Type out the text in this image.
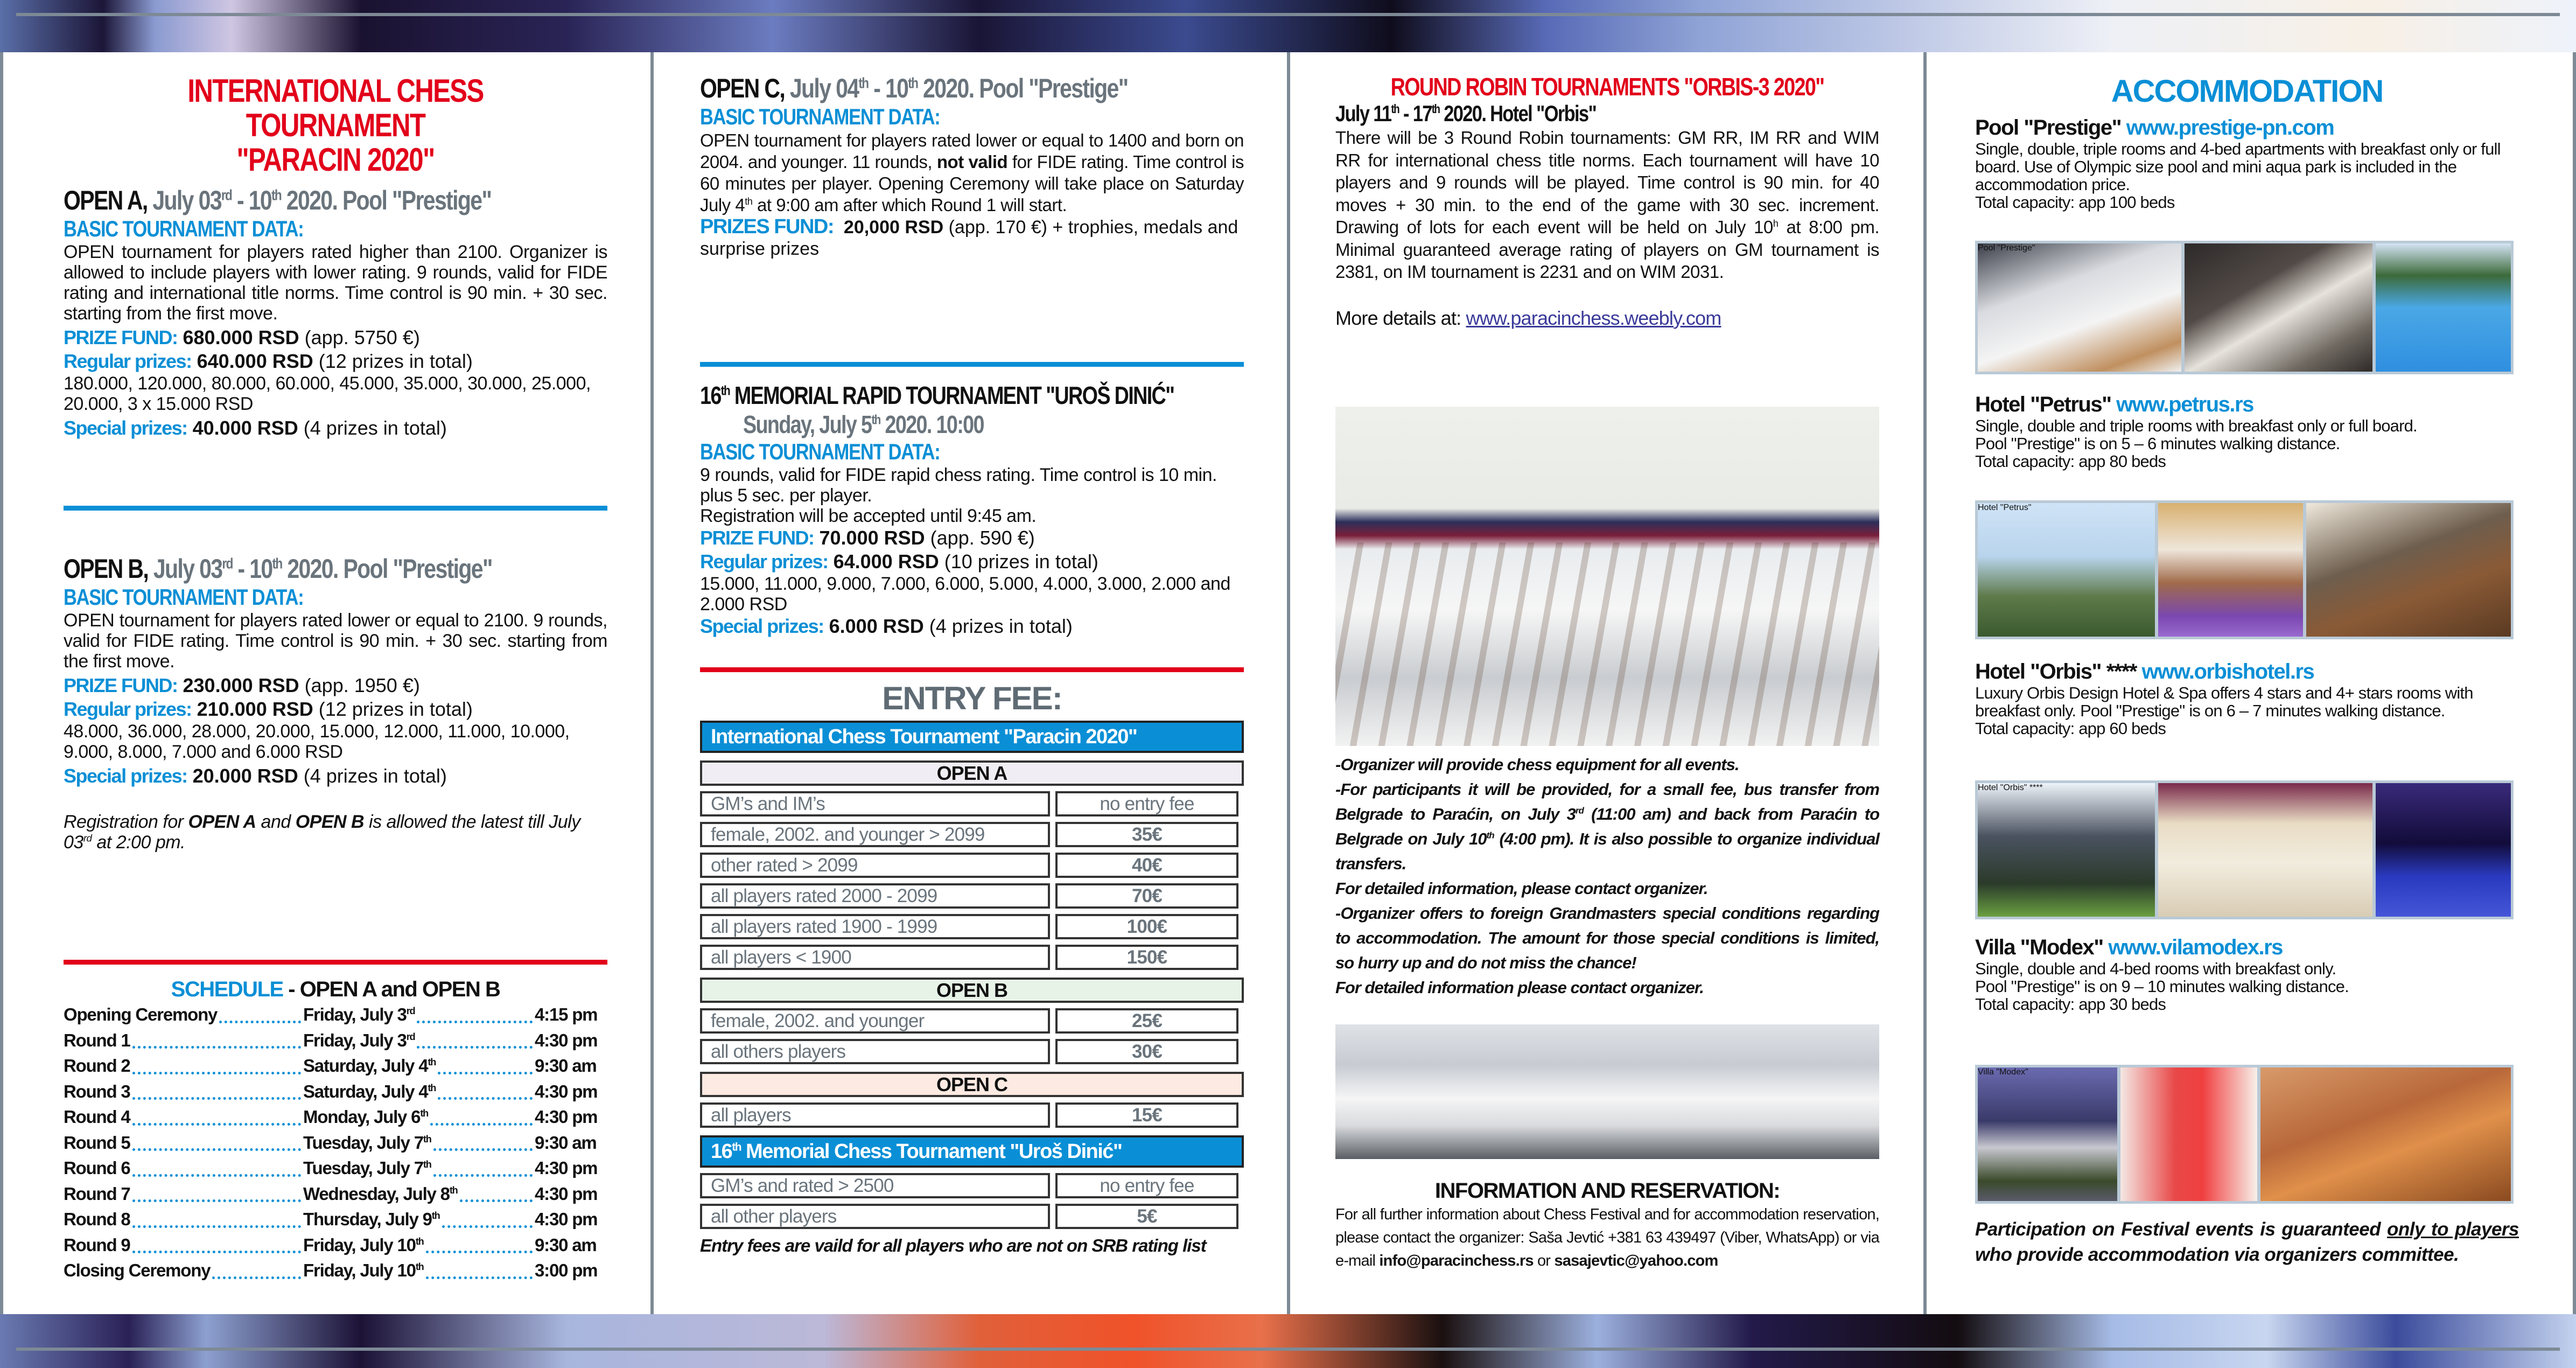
INTERNATIONAL CHESS TOURNAMENT
"PARACIN 2020"
OPEN A, July 03rd - 10th 2020. Pool "Prestige"
BASIC TOURNAMENT DATA:
OPEN tournament for players rated higher than 2100. Organizer is allowed to include players with lower rating. 9 rounds, valid for FIDE rating and international title norms. Time control is 90 min. + 30 sec. starting from the first move.
PRIZE FUND: 680.000 RSD (app. 5750 €)
Regular prizes: 640.000 RSD (12 prizes in total)
180.000, 120.000, 80.000, 60.000, 45.000, 35.000, 30.000, 25.000, 20.000, 3 x 15.000 RSD
Special prizes: 40.000 RSD (4 prizes in total)
OPEN B, July 03rd - 10th 2020. Pool "Prestige"
BASIC TOURNAMENT DATA:
OPEN tournament for players rated lower or equal to 2100. 9 rounds, valid for FIDE rating. Time control is 90 min. + 30 sec. starting from the first move.
PRIZE FUND: 230.000 RSD (app. 1950 €)
Regular prizes: 210.000 RSD (12 prizes in total)
48.000, 36.000, 28.000, 20.000, 15.000, 12.000, 11.000, 10.000, 9.000, 8.000, 7.000 and 6.000 RSD
Special prizes: 20.000 RSD (4 prizes in total)
Registration for OPEN A and OPEN B is allowed the latest till July 03rd at 2:00 pm.
SCHEDULE - OPEN A and OPEN B
Opening Ceremony	Friday, July 3rd	4:15 pm
Round 1	Friday, July 3rd	4:30 pm
Round 2	Saturday, July 4th	9:30 am
Round 3	Saturday, July 4th	4:30 pm
Round 4	Monday, July 6th	4:30 pm
Round 5	Tuesday, July 7th	9:30 am
Round 6	Tuesday, July 7th	4:30 pm
Round 7	Wednesday, July 8th	4:30 pm
Round 8	Thursday, July 9th	4:30 pm
Round 9	Friday, July 10th	9:30 am
Closing Ceremony	Friday, July 10th	3:00 pm
OPEN C, July 04th - 10th 2020. Pool "Prestige"
BASIC TOURNAMENT DATA:
OPEN tournament for players rated lower or equal to 1400 and born on 2004. and younger. 11 rounds, not valid for FIDE rating. Time control is 60 minutes per player. Opening Ceremony will take place on Saturday July 4th at 9:00 am after which Round 1 will start.
PRIZES FUND: 20,000 RSD (app. 170 €) + trophies, medals and surprise prizes
16th MEMORIAL RAPID TOURNAMENT "UROŠ DINIĆ"
Sunday, July 5th 2020. 10:00
BASIC TOURNAMENT DATA:
9 rounds, valid for FIDE rapid chess rating. Time control is 10 min. plus 5 sec. per player.
Registration will be accepted until 9:45 am.
PRIZE FUND: 70.000 RSD (app. 590 €)
Regular prizes: 64.000 RSD (10 prizes in total)
15.000, 11.000, 9.000, 7.000, 6.000, 5.000, 4.000, 3.000, 2.000 and 2.000 RSD
Special prizes: 6.000 RSD (4 prizes in total)
ENTRY FEE:
International Chess Tournament "Paracin 2020"
OPEN A
GM’s and IM’s	no entry fee
female, 2002. and younger > 2099	35€
other rated > 2099	40€
all players rated 2000 - 2099	70€
all players rated 1900 - 1999	100€
all players < 1900	150€
OPEN B
female, 2002. and younger	25€
all others players	30€
OPEN C
all players	15€
16th Memorial Chess Tournament "Uroš Dinić"
GM’s and rated > 2500	no entry fee
all other players	5€
Entry fees are vaild for all players who are not on SRB rating list
ROUND ROBIN TOURNAMENTS "ORBIS-3 2020"
July 11th - 17th 2020. Hotel "Orbis"
There will be 3 Round Robin tournaments: GM RR, IM RR and WIM RR for international chess title norms. Each tournament will have 10 players and 9 rounds will be played. Time control is 90 min. for 40 moves + 30 min. to the end of the game with 30 sec. increment. Drawing of lots for each event will be held on July 10$^h$ at 8:00 pm. Minimal guaranteed average rating of players on GM tournament is 2381, on IM tournament is 2231 and on WIM 2031.
More details at: www.paracinchess.weebly.com
-Organizer will provide chess equipment for all events.
-For participants it will be provided, for a small fee, bus transfer from Belgrade to Paraćin, on July 3rd (11:00 am) and back from Paraćin to Belgrade on July 10th (4:00 pm). It is also possible to organize individual transfers.
For detailed information, please contact organizer.
-Organizer offers to foreign Grandmasters special conditions regarding to accommodation. The amount for those special conditions is limited, so hurry up and do not miss the chance!
For detailed information please contact organizer.
INFORMATION AND RESERVATION:
For all further information about Chess Festival and for accommodation reservation, please contact the organizer: Saša Jevtić +381 63 439497 (Viber, WhatsApp) or via e-mail info@paracinchess.rs or sasajevtic@yahoo.com
ACCOMMODATION
Pool "Prestige" www.prestige-pn.com
Single, double, triple rooms and 4-bed apartments with breakfast only or full board. Use of Olympic size pool and mini aqua park is included in the accommodation price.
Total capacity: app 100 beds
Pool "Prestige"
Hotel "Petrus" www.petrus.rs
Single, double and triple rooms with breakfast only or full board.
Pool "Prestige" is on 5 – 6 minutes walking distance.
Total capacity: app 80 beds
Hotel "Petrus"
Hotel "Orbis" **** www.orbishotel.rs
Luxury Orbis Design Hotel & Spa offers 4 stars and 4+ stars rooms with breakfast only. Pool "Prestige" is on 6 – 7 minutes walking distance.
Total capacity: app 60 beds
Hotel "Orbis" ****
Villa "Modex" www.vilamodex.rs
Single, double and 4-bed rooms with breakfast only.
Pool "Prestige" is on 9 – 10 minutes walking distance.
Total capacity: app 30 beds
Villa "Modex"
Participation on Festival events is guaranteed only to players who provide accommodation via organizers committee.
